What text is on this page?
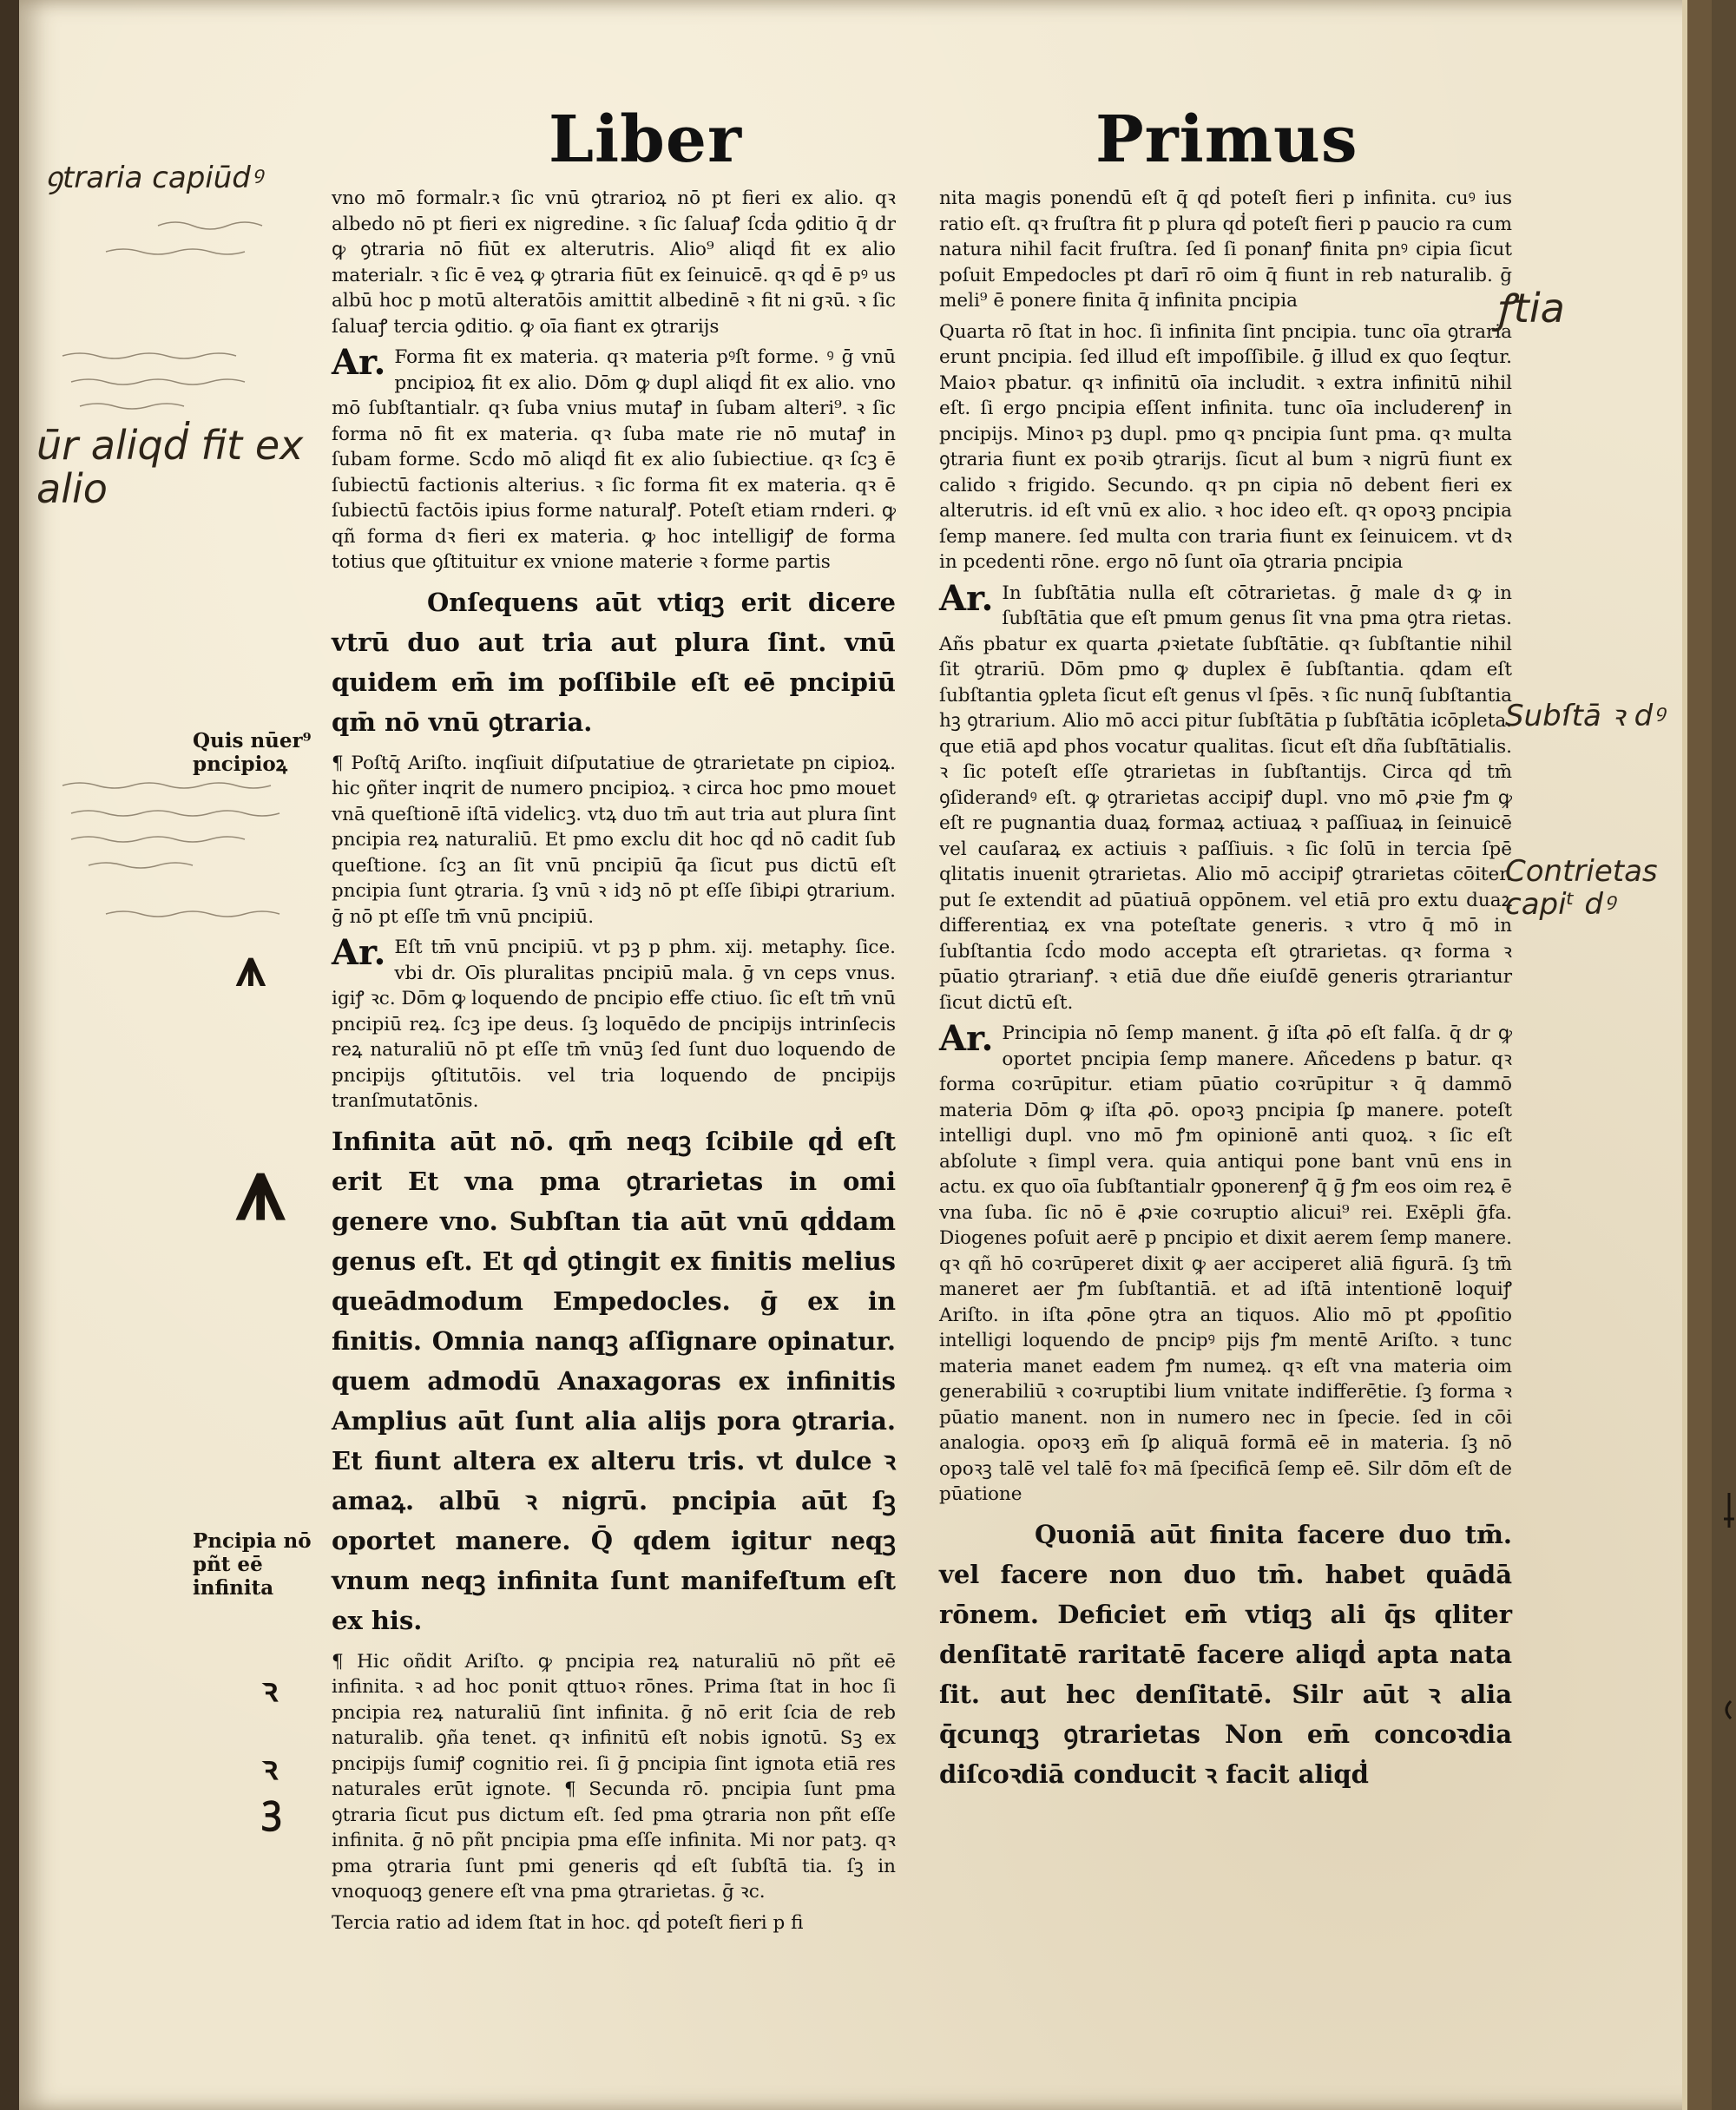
Liber	Primus

vno mō formalr.ꝛ ſic vnū ꝯtrarioꝝ nō pt fieri ex alio. qꝛ albedo nō pt fieri ex nigredine. ꝛ ſic ſaluaꝭ ſcḋa ꝯditio q̄ dr ꝙ ꝯtraria nō fiūt ex alterutris. Alio⁹ aliqḋ fit ex alio materialr. ꝛ ſic ē veꝝ ꝙ ꝯtraria fiūt ex ſeinuicē. qꝛ qḋ ē pꝰ us albū hoc p motū alteratōis amittit albedinē ꝛ fit ni gꝛū. ꝛ ſic ſaluaꝭ tercia ꝯditio. ꝙ oīa fiant ex ꝯtrarijs

Ar. Forma fit ex materia. qꝛ materia pꝰſt forme. ꝰ ḡ vnū pncipioꝝ fit ex alio. Dōm ꝙ dupl aliqḋ fit ex alio. vno mō ſubſtantialr. qꝛ ſuba vnius mutaꝭ in ſubam alteri⁹. ꝛ ſic forma nō fit ex materia. qꝛ ſuba mate rie nō mutaꝭ in ſubam forme. Scḋo mō aliqḋ fit ex alio ſubiectiue. qꝛ ſcꝫ ē ſubiectū factionis alterius. ꝛ ſic forma fit ex materia. qꝛ ē ſubiectū factōis ipius forme naturalꝭ. Poteſt etiam rnderi. ꝙ qñ forma dꝛ fieri ex materia. ꝙ hoc intelligiꝭ de forma totius que ꝯſtituitur ex vnione materie ꝛ forme partis

Onſequens aūt vtiqꝫ erit dicere vtrū duo aut tria aut plura ſint. vnū quidem em̄ im poſſibile eſt eē pncipiū qm̄ nō vnū ꝯtraria.

¶ Poſtq̄ Ariſto. inqſiuit diſputatiue de ꝯtrarietate pn cipioꝝ. hic ꝯñter inqrit de numero pncipioꝝ. ꝛ circa hoc pmo mouet vnā queſtionē iſtā videlicꝫ. vtꝝ duo tm̄ aut tria aut plura ſint pncipia reꝝ naturaliū. Et pmo exclu dit hoc qḋ nō cadit ſub queſtione. ſcꝫ an ſit vnū pncipiū q̄a ſicut pus dictū eſt pncipia ſunt ꝯtraria. ſꝫ vnū ꝛ idꝫ nō pt eſſe ſibiꝓi ꝯtrarium. ḡ nō pt eſſe tm̄ vnū pncipiū.

Ar. Eſt tm̄ vnū pncipiū. vt pꝫ p phm. xij. metaphy. ſice. vbi dr. Oīs pluralitas pncipiū mala. ḡ vn ceps vnus. igiꝭ ꝛc. Dōm ꝙ loquendo de pncipio effe ctiuo. ſic eſt tm̄ vnū pncipiū reꝝ. ſcꝫ ipe deus. ſꝫ loquēdo de pncipijs intrinſecis reꝝ naturaliū nō pt eſſe tm̄ vnūꝫ ſed ſunt duo loquendo de pncipijs ꝯſtitutōis. vel tria loquendo de pncipijs tranſmutatōnis.

Infinita aūt nō. qm̄ neqꝫ ſcibile qḋ eſt erit Et vna pma ꝯtrarietas in omi genere vno. Subſtan tia aūt vnū qḋdam genus eſt. Et qḋ ꝯtingit ex finitis melius queādmodum Empedocles. ḡ ex in finitis. Omnia nanqꝫ aſſignare opinatur. quem admodū Anaxagoras ex infinitis Amplius aūt ſunt alia alijs pora ꝯtraria. Et fiunt altera ex alteru tris. vt dulce ꝛ amaꝝ. albū ꝛ nigrū. pncipia aūt ſꝫ oportet manere. Q̄ qdem igitur neqꝫ vnum neqꝫ infinita ſunt manifeſtum eſt ex his.

¶ Hic oñdit Ariſto. ꝙ pncipia reꝝ naturaliū nō pñt eē infinita. ꝛ ad hoc ponit qttuoꝛ rōnes. Prima ſtat in hoc ſi pncipia reꝝ naturaliū ſint infinita. ḡ nō erit ſcia de reb naturalib. ꝯña tenet. qꝛ infinitū eſt nobis ignotū. Sꝫ ex pncipijs ſumiꝭ cognitio rei. ſi ḡ pncipia ſint ignota etiā res naturales erūt ignote. ¶ Secunda rō. pncipia ſunt pma ꝯtraria ſicut pus dictum eſt. ſed pma ꝯtraria non pñt eſſe infinita. ḡ nō pñt pncipia pma eſſe infinita. Mi nor patꝫ. qꝛ pma ꝯtraria ſunt pmi generis qḋ eſt ſubſtā tia. ſꝫ in vnoquoqꝫ genere eſt vna pma ꝯtrarietas. ḡ ꝛc.

Tercia ratio ad idem ſtat in hoc. qḋ poteſt fieri p fi

nita magis ponendū eſt q̄ qḋ poteſt fieri p infinita. cuꝰ ius ratio eſt. qꝛ fruſtra fit p plura qḋ poteſt fieri p paucio ra cum natura nihil facit fruſtra. ſed ſi ponanꝭ finita pnꝰ cipia ſicut poſuit Empedocles pt darī rō oim q̄ fiunt in reb naturalib. ḡ meli⁹ ē ponere finita q̄ infinita pncipia

Quarta rō ſtat in hoc. ſi infinita ſint pncipia. tunc oīa ꝯtraria erunt pncipia. ſed illud eſt impoſſibile. ḡ illud ex quo ſeqtur. Maioꝛ pbatur. qꝛ infinitū oīa includit. ꝛ extra infinitū nihil eſt. ſi ergo pncipia eſſent infinita. tunc oīa includerenꝭ in pncipijs. Minoꝛ pꝫ dupl. pmo qꝛ pncipia ſunt pma. qꝛ multa ꝯtraria fiunt ex poꝛib ꝯtrarijs. ſicut al bum ꝛ nigrū fiunt ex calido ꝛ frigido. Secundo. qꝛ pn cipia nō debent fieri ex alterutris. id eſt vnū ex alio. ꝛ hoc ideo eſt. qꝛ opoꝛꝫ pncipia ſemp manere. ſed multa con traria fiunt ex ſeinuicem. vt dꝛ in pcedenti rōne. ergo nō ſunt oīa ꝯtraria pncipia

Ar. In ſubſtātia nulla eſt cōtrarietas. ḡ male dꝛ ꝙ in ſubſtātia que eſt pmum genus ſit vna pma ꝯtra rietas. Añs pbatur ex quarta ꝓꝛietate ſubſtātie. qꝛ ſubſtantie nihil ſit ꝯtrariū. Dōm pmo ꝙ duplex ē ſubſtantia. qdam eſt ſubſtantia ꝯpleta ſicut eſt genus vl ſpēs. ꝛ ſic nunq̄ ſubſtantia hꝫ ꝯtrarium. Alio mō acci pitur ſubſtātia p ſubſtātia icōpleta. que etiā apd phos vocatur qualitas. ſicut eſt dña ſubſtātialis. ꝛ ſic poteſt eſſe ꝯtrarietas in ſubſtantijs. Circa qḋ tm̄ ꝯſiderandꝰ eſt. ꝙ ꝯtrarietas accipiꝭ dupl. vno mō ꝓꝛie ꝭm ꝙ eſt re pugnantia duaꝝ formaꝝ actiuaꝝ ꝛ paſſiuaꝝ in ſeinuicē vel cauſaraꝝ ex actiuis ꝛ paſſiuis. ꝛ ſic ſolū in tercia ſpē qlitatis inuenit ꝯtrarietas. Alio mō accipiꝭ ꝯtrarietas cōiter. put ſe extendit ad pūatiuā oppōnem. vel etiā pro extu duaꝝ differentiaꝝ ex vna poteſtate generis. ꝛ vtro q̄ mō in ſubſtantia ſcḋo modo accepta eſt ꝯtrarietas. qꝛ forma ꝛ pūatio ꝯtrarianꝭ. ꝛ etiā due dñe eiuſdē generis ꝯtrariantur ſicut dictū eſt.

Ar. Principia nō ſemp manent. ḡ iſta ꝓō eſt falſa. q̄ dr ꝙ oportet pncipia ſemp manere. Añcedens p batur. qꝛ forma coꝛrūpitur. etiam pūatio coꝛrūpitur ꝛ q̄ dammō materia Dōm ꝙ iſta ꝓō. opoꝛꝫ pncipia ſꝑ manere. poteſt intelligi dupl. vno mō ꝭm opinionē anti quoꝝ. ꝛ ſic eſt abſolute ꝛ ſimpl vera. quia antiqui pone bant vnū ens in actu. ex quo oīa ſubſtantialr ꝯponerenꝭ q̄ ḡ ꝭm eos oim reꝝ ē vna ſuba. ſic nō ē ꝓꝛie coꝛruptio alicui⁹ rei. Exēpli ḡfa. Diogenes poſuit aerē p pncipio et dixit aerem ſemp manere. qꝛ qñ hō coꝛrūperet dixit ꝙ aer acciperet aliā figurā. ſꝫ tm̄ maneret aer ꝭm ſubſtantiā. et ad iſtā intentionē loquiꝭ Ariſto. in iſta ꝓōne ꝯtra an tiquos. Alio mō pt ꝓpoſitio intelligi loquendo de pncipꝰ pijs ꝭm mentē Ariſto. ꝛ tunc materia manet eadem ꝭm numeꝝ. qꝛ eſt vna materia oim generabiliū ꝛ coꝛruptibi lium vnitate indifferētie. ſꝫ forma ꝛ pūatio manent. non in numero nec in ſpecie. ſed in cōi analogia. opoꝛꝫ em̄ ſꝑ aliquā formā eē in materia. ſꝫ nō opoꝛꝫ talē vel talē foꝛ mā ſpecificā ſemp eē. Silr dōm eſt de pūatione

Quoniā aūt finita facere duo tm̄. vel facere non duo tm̄. habet quādā rōnem. Deficiet em̄ vtiqꝫ ali q̄s qliter denſitatē raritatē facere aliqḋ apta nata ſit. aut hec denſitatē. Silr aūt ꝛ alia q̄cunqꝫ ꝯtrarietas Non em̄ concoꝛdia diſcoꝛdiā conducit ꝛ facit aliqḋ

ꝯtraria capiūdꝰ
ūr aliqḋ fit ex alio
ꝭtia
Subſtā ꝛ dꝰ
Contrietas capiᵗ dꝰ
Quis nūer⁹ pncipioꝝ
Pncipia nō pñt eē infinita
⩚
⩚
ꝛ
ꝛ
ꝫ
